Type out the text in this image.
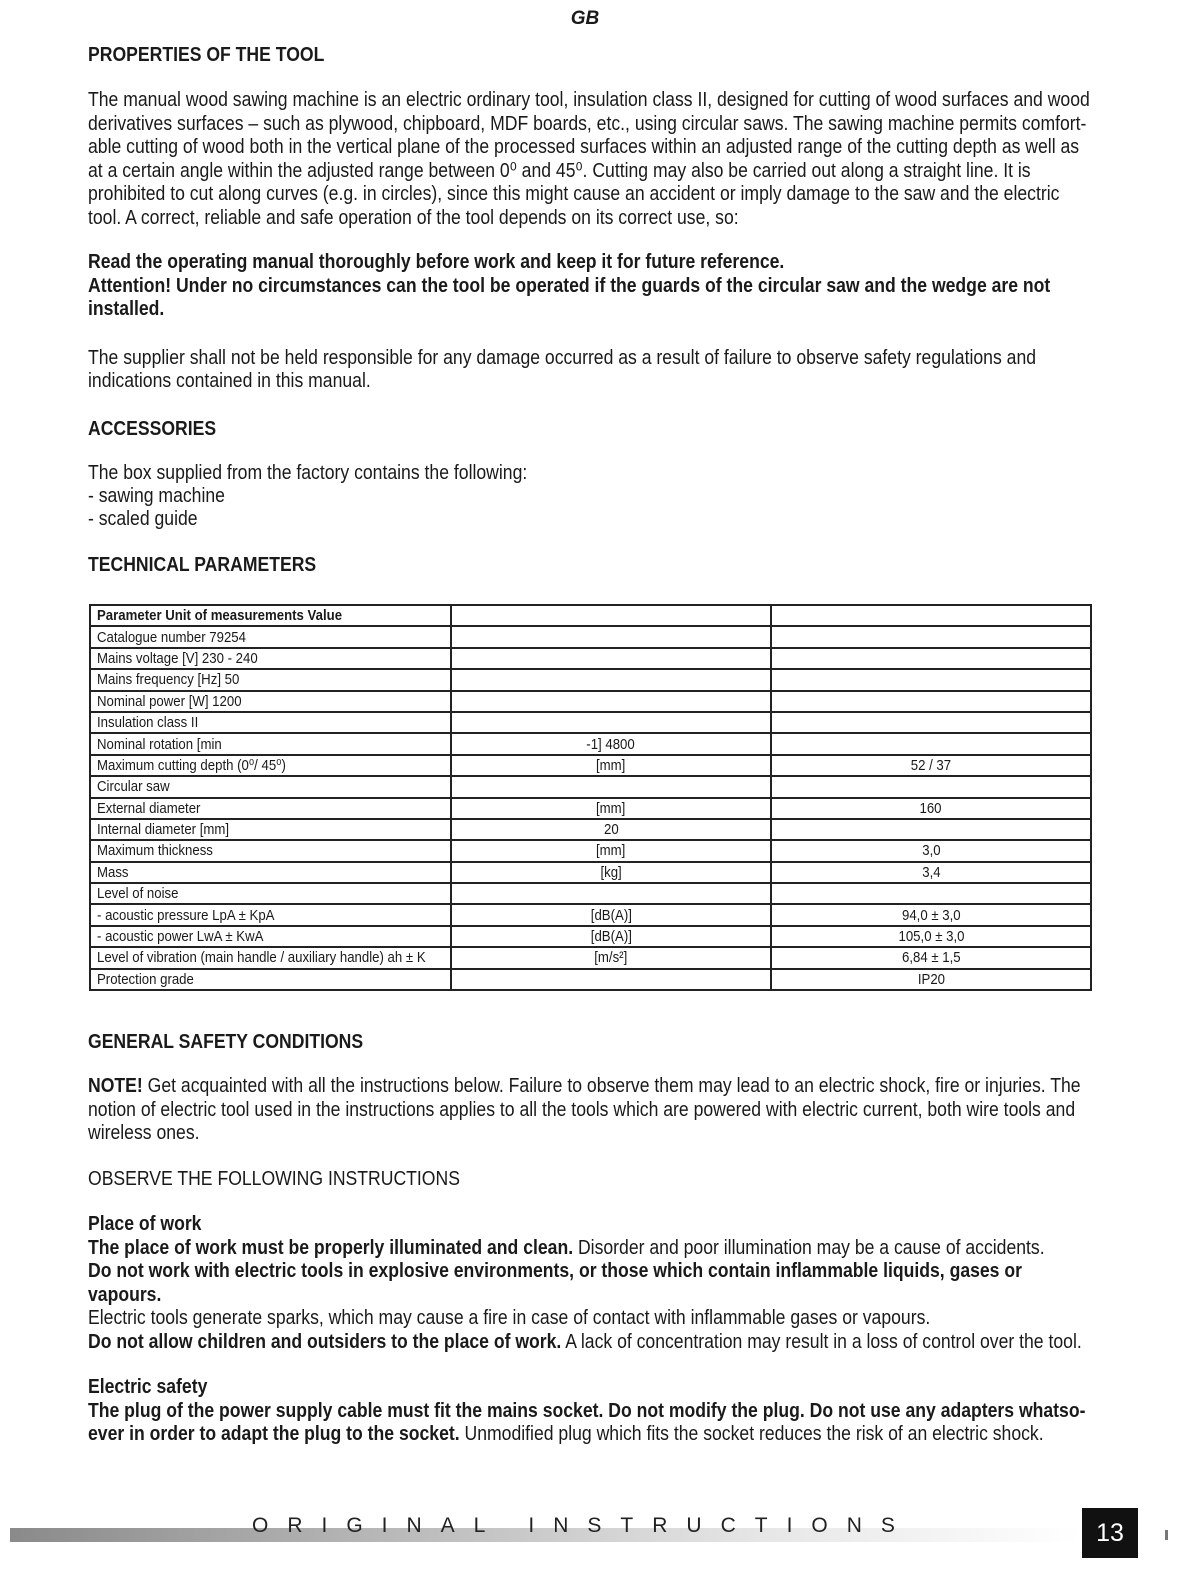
GB
PROPERTIES OF THE TOOL

The manual wood sawing machine is an electric ordinary tool, insulation class II, designed for cutting of wood surfaces and wood derivatives surfaces – such as plywood, chipboard, MDF boards, etc., using circular saws. The sawing machine permits comfortable cutting of wood both in the vertical plane of the processed surfaces within an adjusted range of the cutting depth as well as at a certain angle within the adjusted range between 0⁰ and 45⁰. Cutting may also be carried out along a straight line. It is prohibited to cut along curves (e.g. in circles), since this might cause an accident or imply damage to the saw and the electric tool. A correct, reliable and safe operation of the tool depends on its correct use, so:

Read the operating manual thoroughly before work and keep it for future reference.

Attention! Under no circumstances can the tool be operated if the guards of the circular saw and the wedge are not installed.

The supplier shall not be held responsible for any damage occurred as a result of failure to observe safety regulations and indications contained in this manual.

ACCESSORIES

The box supplied from the factory contains the following:

- sawing machine
- scaled guide
TECHNICAL PARAMETERS
Parameter Unit of measurements Value		
Catalogue number 79254		
Mains voltage [V] 230 - 240		
Mains frequency [Hz] 50		
Nominal power [W] 1200		
Insulation class II		
Nominal rotation [min	-1] 4800	
Maximum cutting depth (0⁰/ 45⁰)	[mm]	52 / 37
Circular saw		
External diameter	[mm]	160
Internal diameter [mm]	20	
Maximum thickness	[mm]	3,0
Mass	[kg]	3,4
Level of noise		
- acoustic pressure LpA ± KpA	[dB(A)]	94,0 ± 3,0
- acoustic power LwA ± KwA	[dB(A)]	105,0 ± 3,0
Level of vibration (main handle / auxiliary handle) ah ± K	[m/s²]	6,84 ± 1,5
Protection grade		IP20
GENERAL SAFETY CONDITIONS

NOTE! Get acquainted with all the instructions below. Failure to observe them may lead to an electric shock, fire or injuries. The notion of electric tool used in the instructions applies to all the tools which are powered with electric current, both wire tools and wireless ones.

OBSERVE THE FOLLOWING INSTRUCTIONS

Place of work

The place of work must be properly illuminated and clean. Disorder and poor illumination may be a cause of accidents.

Do not work with electric tools in explosive environments, or those which contain inflammable liquids, gases or vapours.

Electric tools generate sparks, which may cause a fire in case of contact with inflammable gases or vapours.

Do not allow children and outsiders to the place of work. A lack of concentration may result in a loss of control over the tool.

Electric safety

The plug of the power supply cable must fit the mains socket. Do not modify the plug. Do not use any adapters whatsoever in order to adapt the plug to the socket. Unmodified plug which fits the socket reduces the risk of an electric shock.

ORIGINAL INSTRUCTIONS	13
